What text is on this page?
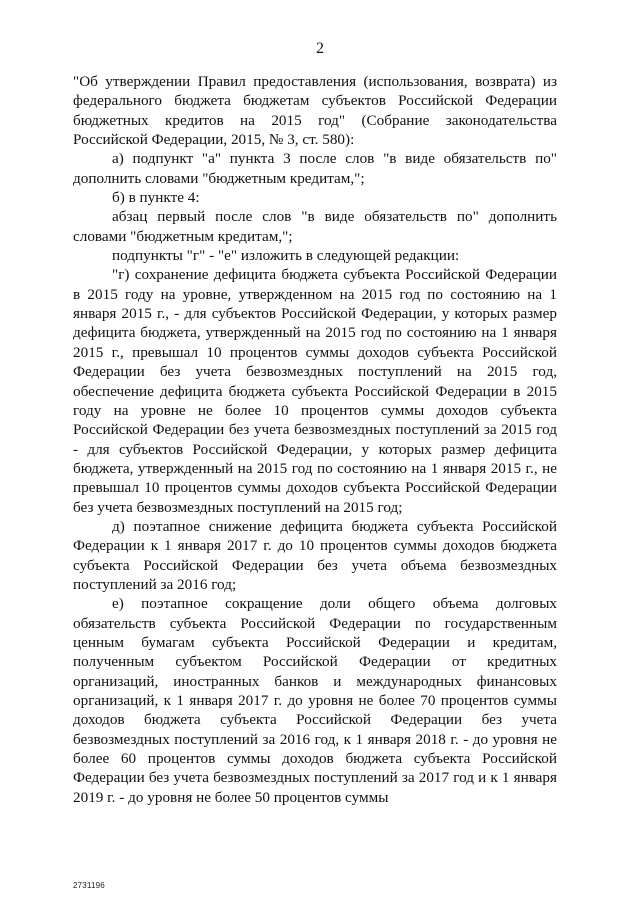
2

"Об утверждении Правил предоставления (использования, возврата) из федерального бюджета бюджетам субъектов Российской Федерации бюджетных кредитов на 2015 год" (Собрание законодательства Российской Федерации, 2015, № 3, ст. 580):

а) подпункт "а" пункта 3 после слов "в виде обязательств по" дополнить словами "бюджетным кредитам,";

б) в пункте 4:

абзац первый после слов "в виде обязательств по" дополнить словами "бюджетным кредитам,";

подпункты "г" - "е" изложить в следующей редакции:

"г) сохранение дефицита бюджета субъекта Российской Федерации в 2015 году на уровне, утвержденном на 2015 год по состоянию на 1 января 2015 г., - для субъектов Российской Федерации, у которых размер дефицита бюджета, утвержденный на 2015 год по состоянию на 1 января 2015 г., превышал 10 процентов суммы доходов субъекта Российской Федерации без учета безвозмездных поступлений на 2015 год, обеспечение дефицита бюджета субъекта Российской Федерации в 2015 году на уровне не более 10 процентов суммы доходов субъекта Российской Федерации без учета безвозмездных поступлений за 2015 год - для субъектов Российской Федерации, у которых размер дефицита бюджета, утвержденный на 2015 год по состоянию на 1 января 2015 г., не превышал 10 процентов суммы доходов субъекта Российской Федерации без учета безвозмездных поступлений на 2015 год;

д) поэтапное снижение дефицита бюджета субъекта Российской Федерации к 1 января 2017 г. до 10 процентов суммы доходов бюджета субъекта Российской Федерации без учета объема безвозмездных поступлений за 2016 год;

е) поэтапное сокращение доли общего объема долговых обязательств субъекта Российской Федерации по государственным ценным бумагам субъекта Российской Федерации и кредитам, полученным субъектом Российской Федерации от кредитных организаций, иностранных банков и международных финансовых организаций, к 1 января 2017 г. до уровня не более 70 процентов суммы доходов бюджета субъекта Российской Федерации без учета безвозмездных поступлений за 2016 год, к 1 января 2018 г. - до уровня не более 60 процентов суммы доходов бюджета субъекта Российской Федерации без учета безвозмездных поступлений за 2017 год и к 1 января 2019 г. - до уровня не более 50 процентов суммы

2731196
